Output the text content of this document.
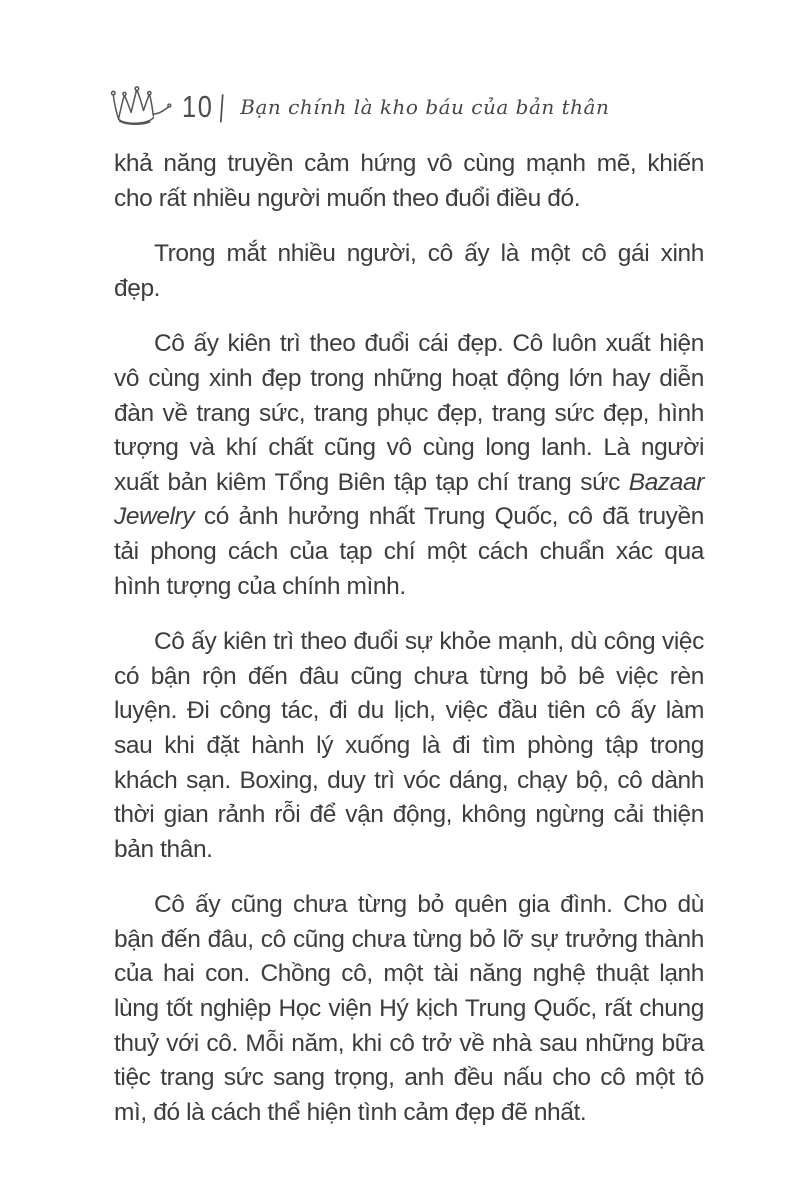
10 | Bạn chính là kho báu của bản thân

khả năng truyền cảm hứng vô cùng mạnh mẽ, khiến cho rất nhiều người muốn theo đuổi điều đó.

Trong mắt nhiều người, cô ấy là một cô gái xinh đẹp.

Cô ấy kiên trì theo đuổi cái đẹp. Cô luôn xuất hiện vô cùng xinh đẹp trong những hoạt động lớn hay diễn đàn về trang sức, trang phục đẹp, trang sức đẹp, hình tượng và khí chất cũng vô cùng long lanh. Là người xuất bản kiêm Tổng Biên tập tạp chí trang sức Bazaar Jewelry có ảnh hưởng nhất Trung Quốc, cô đã truyền tải phong cách của tạp chí một cách chuẩn xác qua hình tượng của chính mình.

Cô ấy kiên trì theo đuổi sự khỏe mạnh, dù công việc có bận rộn đến đâu cũng chưa từng bỏ bê việc rèn luyện. Đi công tác, đi du lịch, việc đầu tiên cô ấy làm sau khi đặt hành lý xuống là đi tìm phòng tập trong khách sạn. Boxing, duy trì vóc dáng, chạy bộ, cô dành thời gian rảnh rỗi để vận động, không ngừng cải thiện bản thân.

Cô ấy cũng chưa từng bỏ quên gia đình. Cho dù bận đến đâu, cô cũng chưa từng bỏ lỡ sự trưởng thành của hai con. Chồng cô, một tài năng nghệ thuật lạnh lùng tốt nghiệp Học viện Hý kịch Trung Quốc, rất chung thuỷ với cô. Mỗi năm, khi cô trở về nhà sau những bữa tiệc trang sức sang trọng, anh đều nấu cho cô một tô mì, đó là cách thể hiện tình cảm đẹp đẽ nhất.
